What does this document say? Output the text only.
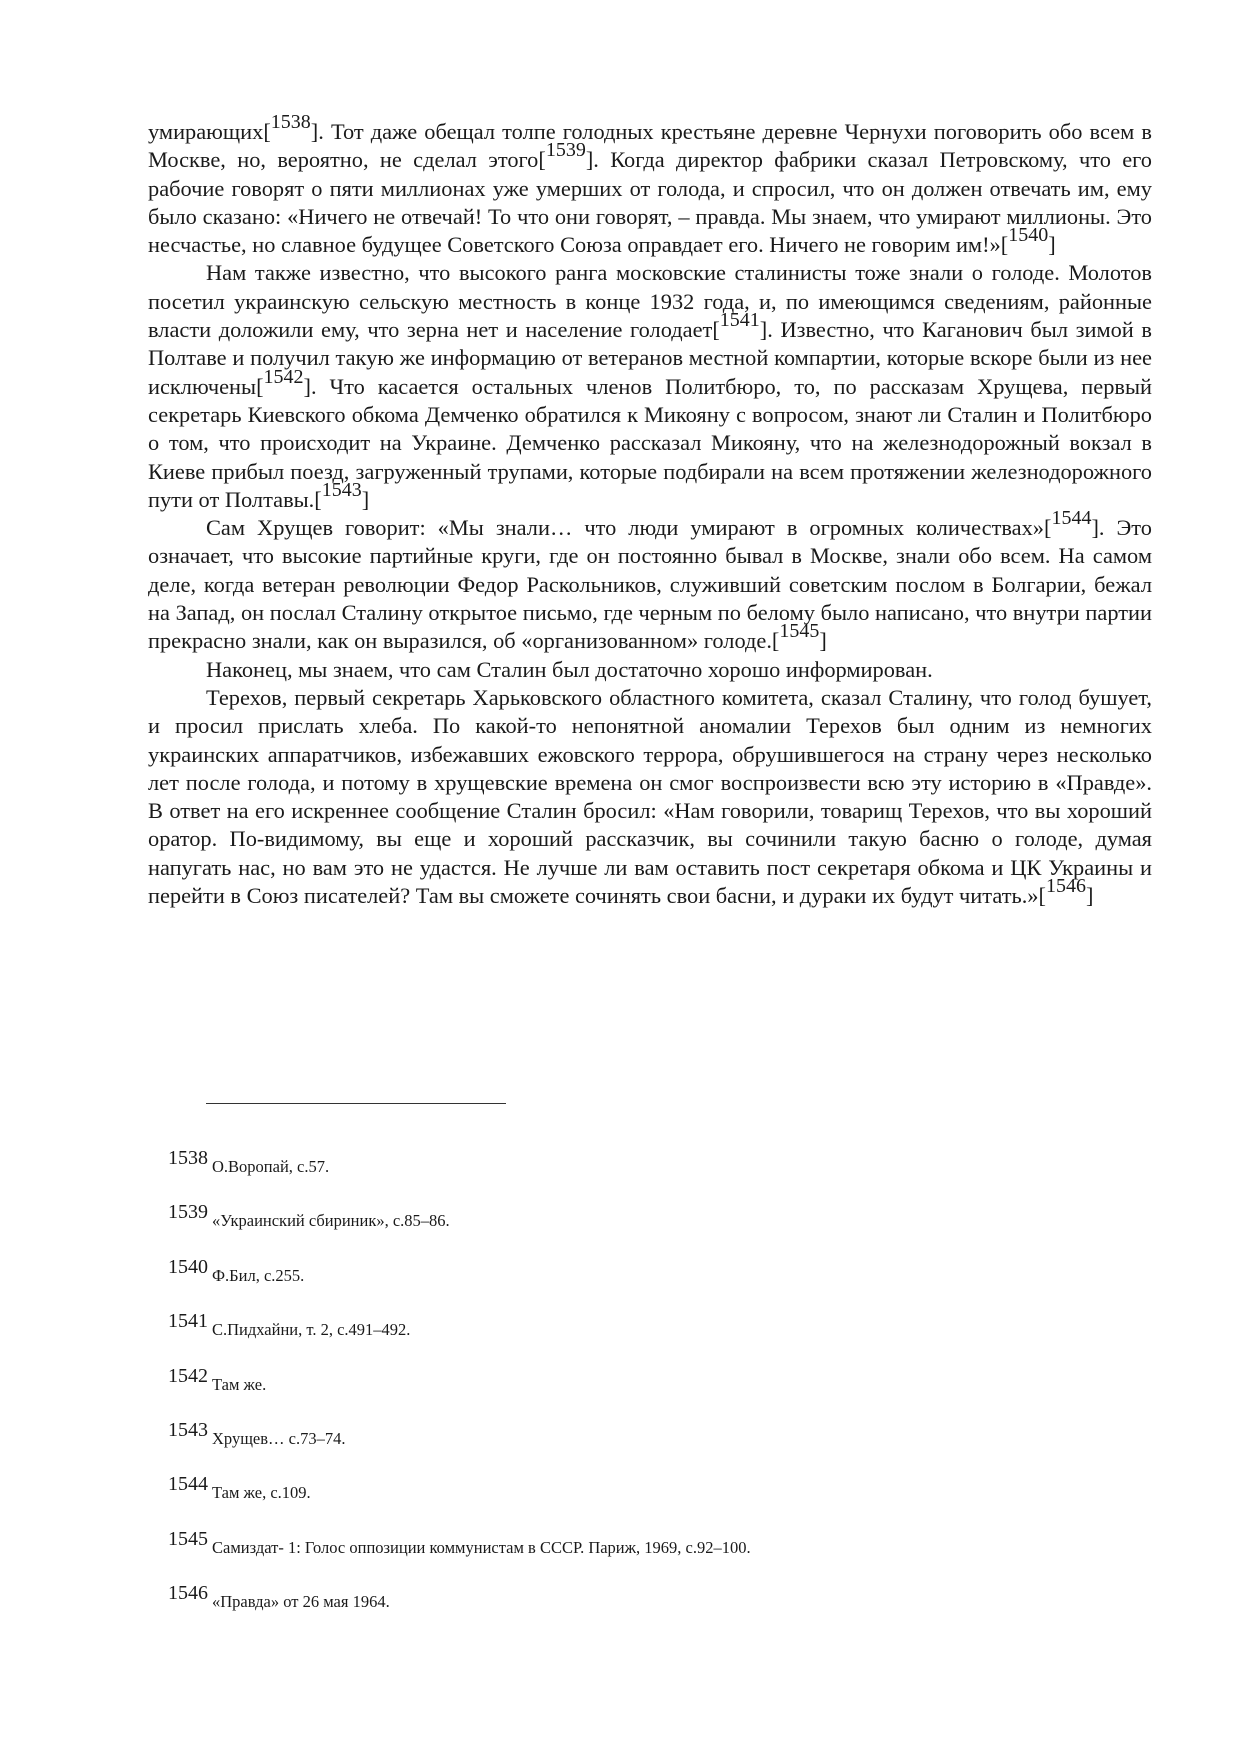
умирающих[1538]. Тот даже обещал толпе голодных крестьяне деревне Чернухи поговорить обо всем в Москве, но, вероятно, не сделал этого[1539]. Когда директор фабрики сказал Петровскому, что его рабочие говорят о пяти миллионах уже умерших от голода, и спросил, что он должен отвечать им, ему было сказано: «Ничего не отвечай! То что они говорят, – правда. Мы знаем, что умирают миллионы. Это несчастье, но славное будущее Советского Союза оправдает его. Ничего не говорим им!»[1540]

Нам также известно, что высокого ранга московские сталинисты тоже знали о голоде. Молотов посетил украинскую сельскую местность в конце 1932 года, и, по имеющимся сведениям, районные власти доложили ему, что зерна нет и население голодает[1541]. Известно, что Каганович был зимой в Полтаве и получил такую же информацию от ветеранов местной компартии, которые вскоре были из нее исключены[1542]. Что касается остальных членов Политбюро, то, по рассказам Хрущева, первый секретарь Киевского обкома Демченко обратился к Микояну с вопросом, знают ли Сталин и Политбюро о том, что происходит на Украине. Демченко рассказал Микояну, что на железнодорожный вокзал в Киеве прибыл поезд, загруженный трупами, которые подбирали на всем протяжении железнодорожного пути от Полтавы.[1543]

Сам Хрущев говорит: «Мы знали… что люди умирают в огромных количествах»[1544]. Это означает, что высокие партийные круги, где он постоянно бывал в Москве, знали обо всем. На самом деле, когда ветеран революции Федор Раскольников, служивший советским послом в Болгарии, бежал на Запад, он послал Сталину открытое письмо, где черным по белому было написано, что внутри партии прекрасно знали, как он выразился, об «организованном» голоде.[1545]

Наконец, мы знаем, что сам Сталин был достаточно хорошо информирован.

Терехов, первый секретарь Харьковского областного комитета, сказал Сталину, что голод бушует, и просил прислать хлеба. По какой-то непонятной аномалии Терехов был одним из немногих украинских аппаратчиков, избежавших ежовского террора, обрушившегося на страну через несколько лет после голода, и потому в хрущевские времена он смог воспроизвести всю эту историю в «Правде». В ответ на его искреннее сообщение Сталин бросил: «Нам говорили, товарищ Терехов, что вы хороший оратор. По-видимому, вы еще и хороший рассказчик, вы сочинили такую басню о голоде, думая напугать нас, но вам это не удастся. Не лучше ли вам оставить пост секретаря обкома и ЦК Украины и перейти в Союз писателей? Там вы сможете сочинять свои басни, и дураки их будут читать.»[1546]

1538 О.Воропай, с.57.
1539 «Украинский сбириник», с.85–86.
1540 Ф.Бил, с.255.
1541 С.Пидхайни, т. 2, с.491–492.
1542 Там же.
1543 Хрущев… с.73–74.
1544 Там же, с.109.
1545 Самиздат- 1: Голос оппозиции коммунистам в СССР. Париж, 1969, с.92–100.
1546 «Правда» от 26 мая 1964.
